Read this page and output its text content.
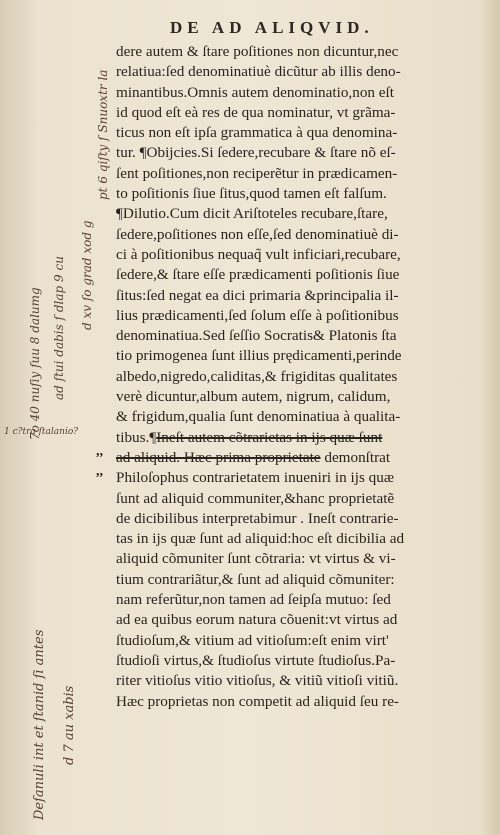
DE AD ALIQVID.
dere autem & ſtare poſitiones non dicuntur,nec
relatiua:ſed denominatiuè dicũtur ab illis deno‑
minantibus.Omnis autem denominatio,non eſt
id quod eſt eà res de qua nominatur, vt grãma‑
ticus non eſt ipſa grammatica à qua denomina‑
tur. ¶Obijcies.Si ſedere,recubare & ſtare nõ eſ‑
ſent poſitiones,non reciperẽtur in prædicamen‑
to poſitionis ſiue ſitus,quod tamen eſt falſum.
¶Dilutio.Cum dicit Ariſtoteles recubare,ſtare,
ſedere,poſitiones non eſſe,ſed denominatiuè di‑
ci à poſitionibus nequaq̃ vult inficiari,recubare,
ſedere,& ſtare eſſe prædicamenti poſitionis ſiue
ſitus:ſed negat ea dici primaria &principalia il‑
lius prædicamenti,ſed ſolum eſſe à poſitionibus
denominatiua.Sed ſeſſio Socratis& Platonis ſta
tio primogenea ſunt illius prędicamenti,perinde
albedo,nigredo,caliditas,& frigiditas qualitates
verè dicuntur,album autem, nigrum, calidum,
& frigidum,qualia ſunt denominatiua à qualita‑
tibus.¶Ineſt autem cõtrarietas in ijs quæ ſunt
ad aliquid. Hæc prima proprietate demonſtrat
Philoſophus contrarietatem inueniri in ijs quæ
ſunt ad aliquid communiter,&hanc proprietatẽ
de dicibilibus interpretabimur . Ineſt contrarie‑
tas in ijs quæ ſunt ad aliquid:hoc eſt dicibilia ad
aliquid cõmuniter ſunt cõtraria: vt virtus & vi‑
tium contrariãtur,& ſunt ad aliquid cõmuniter:
nam referũtur,non tamen ad ſeipſa mutuo: ſed
ad ea quibus eorum natura cõuenit:vt virtus ad
ſtudioſum,& vitium ad vitioſum:eſt enim virt'
ſtudioſi virtus,& ſtudioſus virtute ſtudioſus.Pa‑
riter vitioſus vitio vitioſus, & vitiũ vitioſi vitiũ.
Hæc proprietas non competit ad aliquid ſeu re‑
,,
,,
7o 40 nuſiy ſuu 8 dalumg ad ſtui dabis ſ dlap 9 cu d xv ſo grad xod g
pt 6 qiſty ſ Snuoxtr la
Deſanuli int et ſtanid ſi antes d 7 au xabis
1 c?tra ſtalanio?
